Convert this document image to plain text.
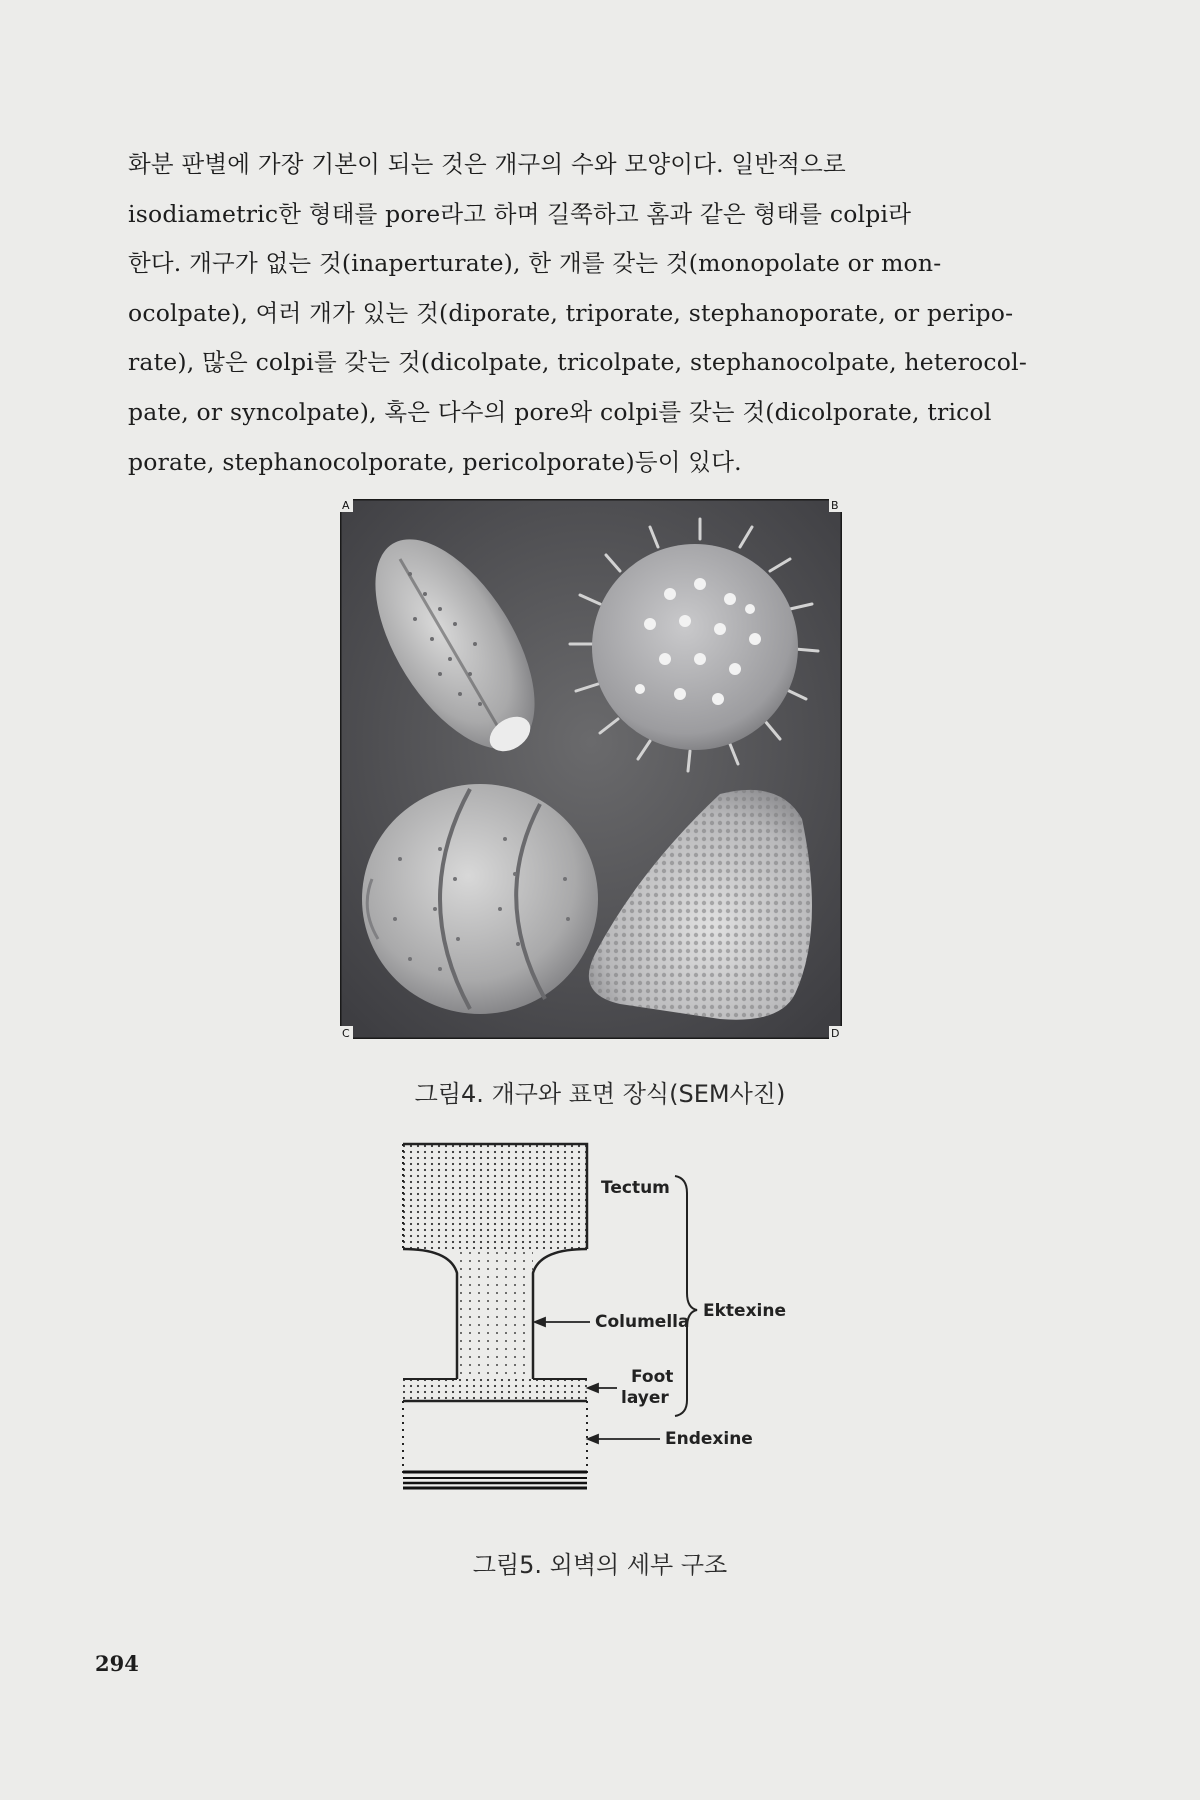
화분 판별에 가장 기본이 되는 것은 개구의 수와 모양이다. 일반적으로
isodiametric한 형태를 pore라고 하며 길쭉하고 홈과 같은 형태를 colpi라
한다. 개구가 없는 것(inaperturate), 한 개를 갖는 것(monopolate or mon-
ocolpate), 여러 개가 있는 것(diporate, triporate, stephanoporate, or peripo-
rate), 많은 colpi를 갖는 것(dicolpate, tricolpate, stephanocolpate, heterocol-
pate, or syncolpate), 혹은 다수의 pore와 colpi를 갖는 것(dicolporate, tricol
porate, stephanocolporate, pericolporate)등이 있다.
A	B
C	D
그림4. 개구와 표면 장식(SEM사진)
Tectum
Columella
Foot
layer
Ektexine
Endexine
그림5. 외벽의 세부 구조
294
